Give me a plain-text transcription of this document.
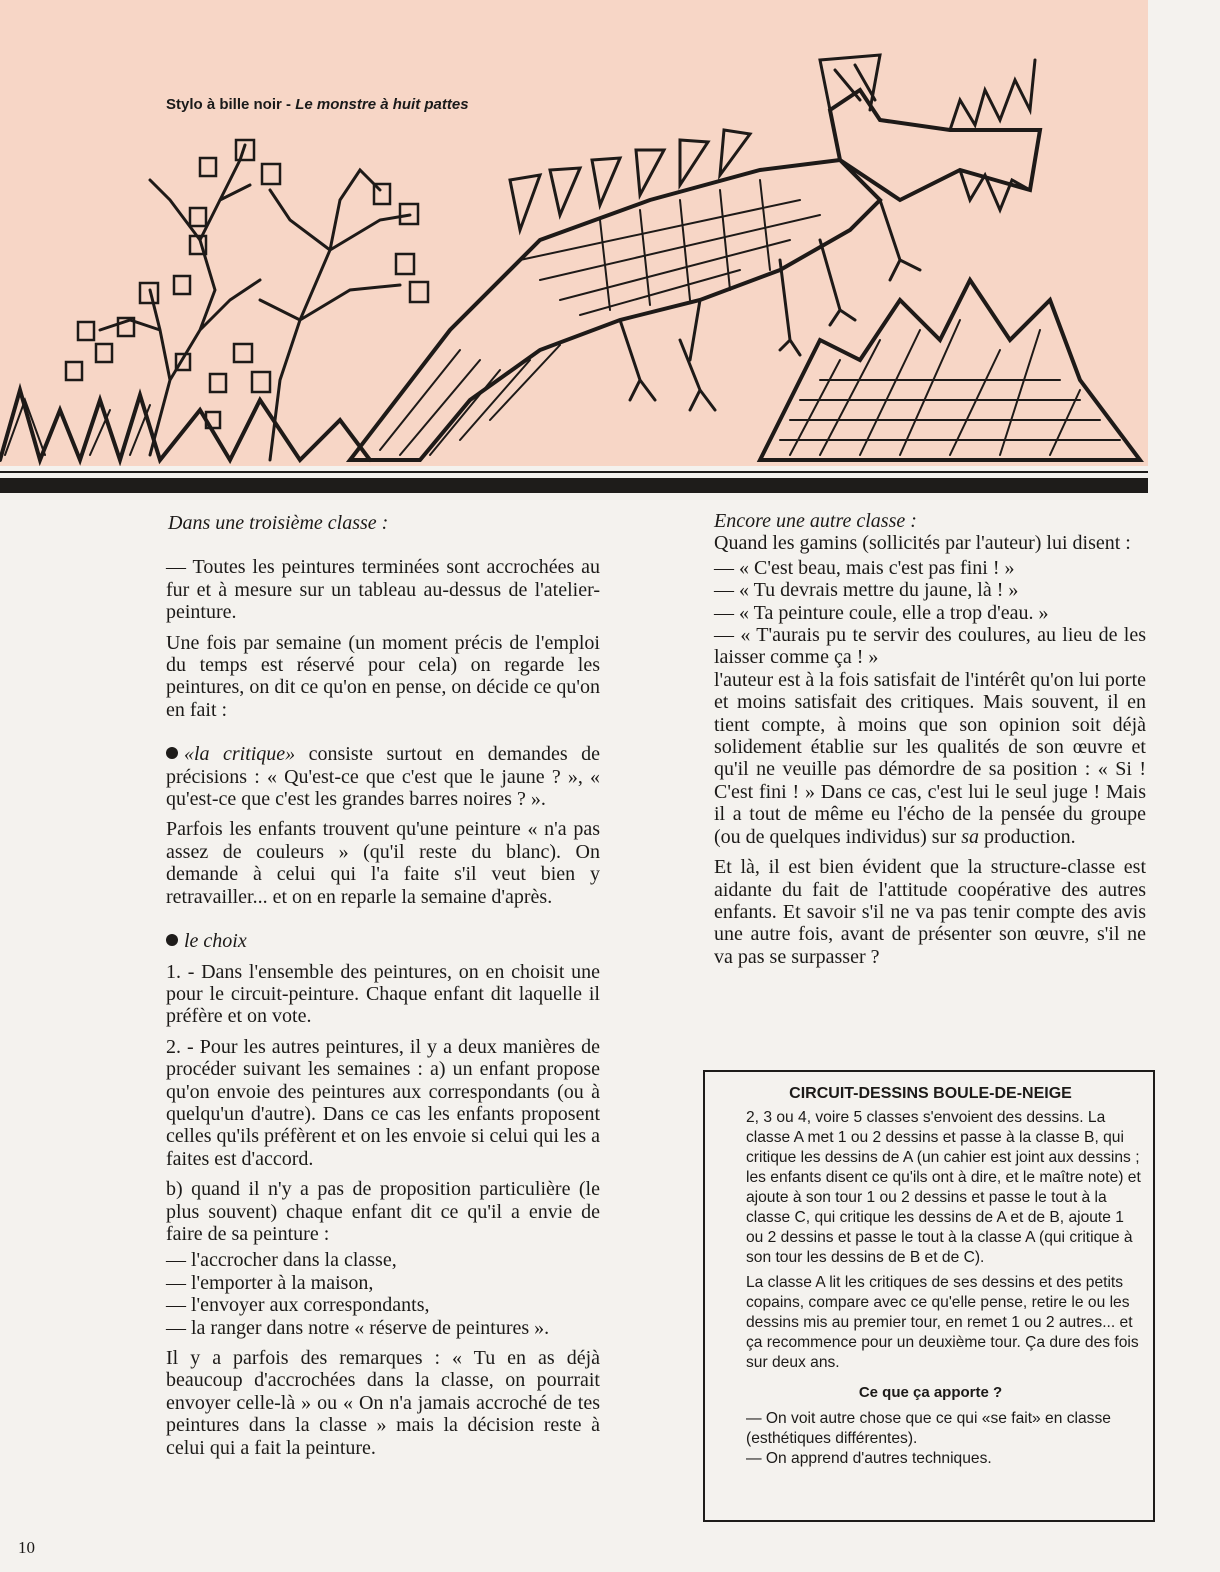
Stylo à bille noir - Le monstre à huit pattes

Dans une troisième classe :

— Toutes les peintures terminées sont accrochées au fur et à mesure sur un tableau au-dessus de l'atelier-peinture.

Une fois par semaine (un moment précis de l'emploi du temps est réservé pour cela) on regarde les peintures, on dit ce qu'on en pense, on décide ce qu'on en fait :

«la critique» consiste surtout en demandes de précisions : « Qu'est-ce que c'est que le jaune ? », « qu'est-ce que c'est les grandes barres noires ? ».

Parfois les enfants trouvent qu'une peinture « n'a pas assez de couleurs » (qu'il reste du blanc). On demande à celui qui l'a faite s'il veut bien y retravailler... et on en reparle la semaine d'après.

le choix

1. - Dans l'ensemble des peintures, on en choisit une pour le circuit-peinture. Chaque enfant dit laquelle il préfère et on vote.

2. - Pour les autres peintures, il y a deux manières de procéder suivant les semaines : a) un enfant propose qu'on envoie des peintures aux correspondants (ou à quelqu'un d'autre). Dans ce cas les enfants proposent celles qu'ils préfèrent et on les envoie si celui qui les a faites est d'accord.

b) quand il n'y a pas de proposition particulière (le plus souvent) chaque enfant dit ce qu'il a envie de faire de sa peinture :

— l'accrocher dans la classe,
— l'emporter à la maison,
— l'envoyer aux correspondants,
— la ranger dans notre « réserve de peintures ».

Il y a parfois des remarques : « Tu en as déjà beaucoup d'accrochées dans la classe, on pourrait envoyer celle-là » ou « On n'a jamais accroché de tes peintures dans la classe » mais la décision reste à celui qui a fait la peinture.

Encore une autre classe :

Quand les gamins (sollicités par l'auteur) lui disent :

— « C'est beau, mais c'est pas fini ! »
— « Tu devrais mettre du jaune, là ! »
— « Ta peinture coule, elle a trop d'eau. »
— « T'aurais pu te servir des coulures, au lieu de les laisser comme ça ! »

l'auteur est à la fois satisfait de l'intérêt qu'on lui porte et moins satisfait des critiques. Mais souvent, il en tient compte, à moins que son opinion soit déjà solidement établie sur les qualités de son œuvre et qu'il ne veuille pas démordre de sa position : « Si ! C'est fini ! » Dans ce cas, c'est lui le seul juge ! Mais il a tout de même eu l'écho de la pensée du groupe (ou de quelques individus) sur sa production.

Et là, il est bien évident que la structure-classe est aidante du fait de l'attitude coopérative des autres enfants. Et savoir s'il ne va pas tenir compte des avis une autre fois, avant de présenter son œuvre, s'il ne va pas se surpasser ?

CIRCUIT-DESSINS BOULE-DE-NEIGE

2, 3 ou 4, voire 5 classes s'envoient des dessins. La classe A met 1 ou 2 dessins et passe à la classe B, qui critique les dessins de A (un cahier est joint aux dessins ; les enfants disent ce qu'ils ont à dire, et le maître note) et ajoute à son tour 1 ou 2 dessins et passe le tout à la classe C, qui critique les dessins de A et de B, ajoute 1 ou 2 dessins et passe le tout à la classe A (qui critique à son tour les dessins de B et de C).

La classe A lit les critiques de ses dessins et des petits copains, compare avec ce qu'elle pense, retire le ou les dessins mis au premier tour, en remet 1 ou 2 autres... et ça recommence pour un deuxième tour. Ça dure des fois sur deux ans.

Ce que ça apporte ?
— On voit autre chose que ce qui «se fait» en classe (esthétiques différentes).
— On apprend d'autres techniques.
10
